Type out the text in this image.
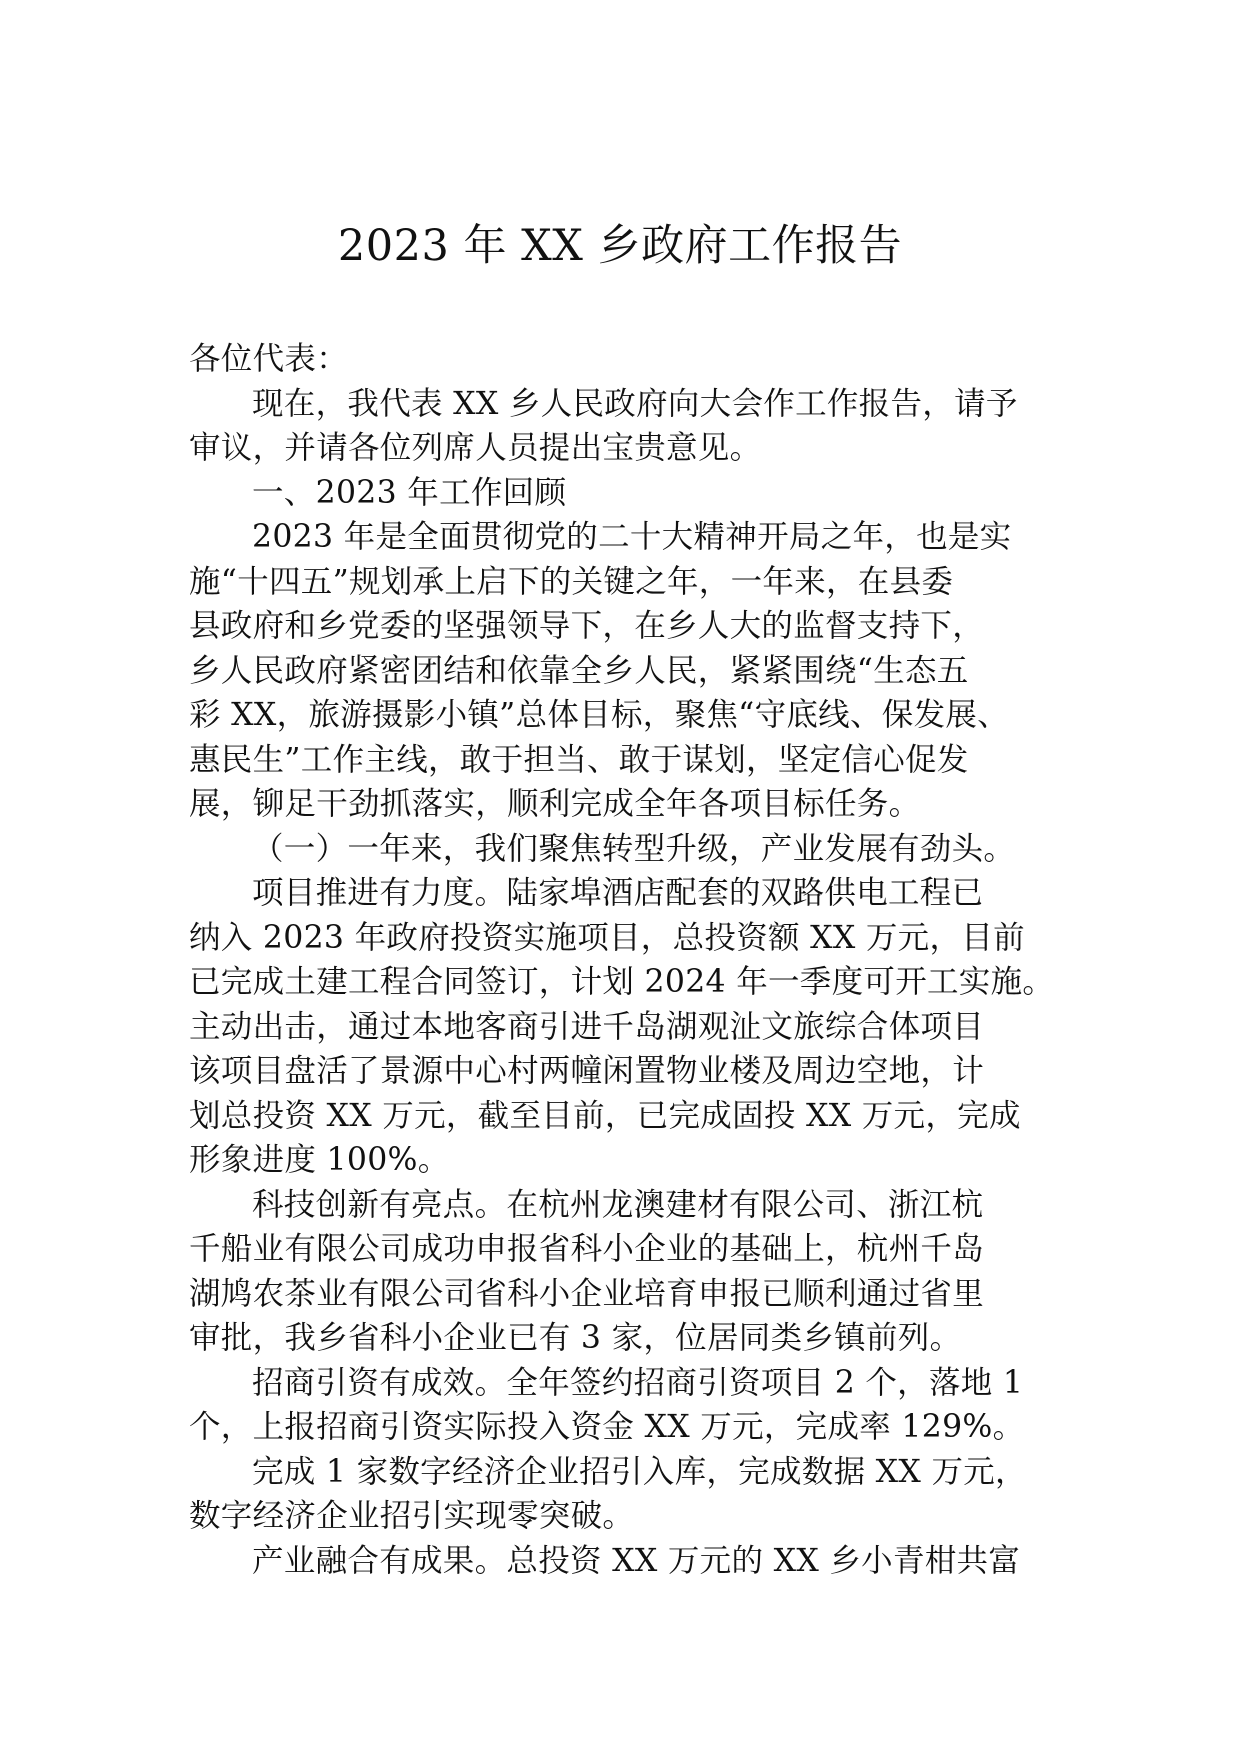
2023 年 XX 乡政府工作报告
各位代表：
现在，我代表 XX 乡人民政府向大会作工作报告，请予
审议，并请各位列席人员提出宝贵意见。
一、2023 年工作回顾
2023 年是全面贯彻党的二十大精神开局之年，也是实
施“十四五”规划承上启下的关键之年，一年来，在县委
县政府和乡党委的坚强领导下，在乡人大的监督支持下，
乡人民政府紧密团结和依靠全乡人民，紧紧围绕“生态五
彩 XX，旅游摄影小镇”总体目标，聚焦“守底线、保发展、
惠民生”工作主线，敢于担当、敢于谋划，坚定信心促发
展，铆足干劲抓落实，顺利完成全年各项目标任务。
（一）一年来，我们聚焦转型升级，产业发展有劲头。
项目推进有力度。陆家埠酒店配套的双路供电工程已
纳入 2023 年政府投资实施项目，总投资额 XX 万元，目前
已完成土建工程合同签订，计划 2024 年一季度可开工实施。
主动出击，通过本地客商引进千岛湖观沚文旅综合体项目
该项目盘活了景源中心村两幢闲置物业楼及周边空地，计
划总投资 XX 万元，截至目前，已完成固投 XX 万元，完成
形象进度 100%。
科技创新有亮点。在杭州龙澳建材有限公司、浙江杭
千船业有限公司成功申报省科小企业的基础上，杭州千岛
湖鸠农茶业有限公司省科小企业培育申报已顺利通过省里
审批，我乡省科小企业已有 3 家，位居同类乡镇前列。
招商引资有成效。全年签约招商引资项目 2 个，落地 1
个，上报招商引资实际投入资金 XX 万元，完成率 129%。
完成 1 家数字经济企业招引入库，完成数据 XX 万元，
数字经济企业招引实现零突破。
产业融合有成果。总投资 XX 万元的 XX 乡小青柑共富
